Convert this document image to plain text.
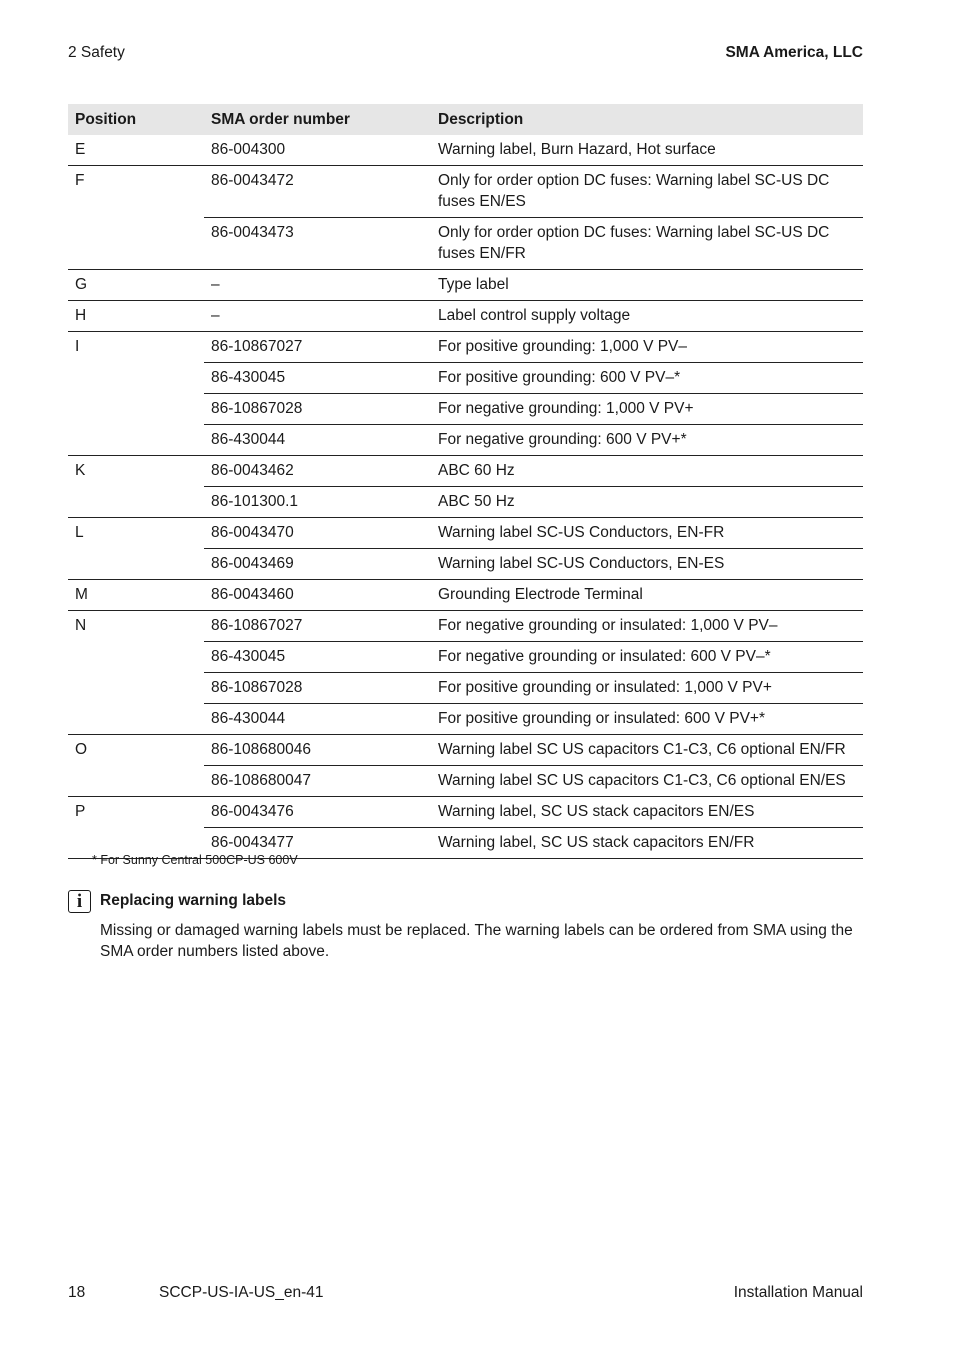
2 Safety	SMA America, LLC
Position	SMA order number	Description
E	86-004300	Warning label, Burn Hazard, Hot surface
F	86-0043472	Only for order option DC fuses: Warning label SC-US DC fuses EN/ES
	86-0043473	Only for order option DC fuses: Warning label SC-US DC fuses EN/FR
G	–	Type label
H	–	Label control supply voltage
I	86-10867027	For positive grounding: 1,000 V PV–
	86-430045	For positive grounding: 600 V PV–*
	86-10867028	For negative grounding: 1,000 V PV+
	86-430044	For negative grounding: 600 V PV+*
K	86-0043462	ABC 60 Hz
	86-101300.1	ABC 50 Hz
L	86-0043470	Warning label SC-US Conductors, EN-FR
	86-0043469	Warning label SC-US Conductors, EN-ES
M	86-0043460	Grounding Electrode Terminal
N	86-10867027	For negative grounding or insulated: 1,000 V PV–
	86-430045	For negative grounding or insulated: 600 V PV–*
	86-10867028	For positive grounding or insulated: 1,000 V PV+
	86-430044	For positive grounding or insulated: 600 V PV+*
O	86-108680046	Warning label SC US capacitors C1-C3, C6 optional EN/FR
	86-108680047	Warning label SC US capacitors C1-C3, C6 optional EN/ES
P	86-0043476	Warning label, SC US stack capacitors EN/ES
	86-0043477	Warning label, SC US stack capacitors EN/FR
* For Sunny Central 500CP-US 600V
i	Replacing warning labels
Missing or damaged warning labels must be replaced. The warning labels can be ordered from SMA using the SMA order numbers listed above.
18	SCCP-US-IA-US_en-41	Installation Manual
